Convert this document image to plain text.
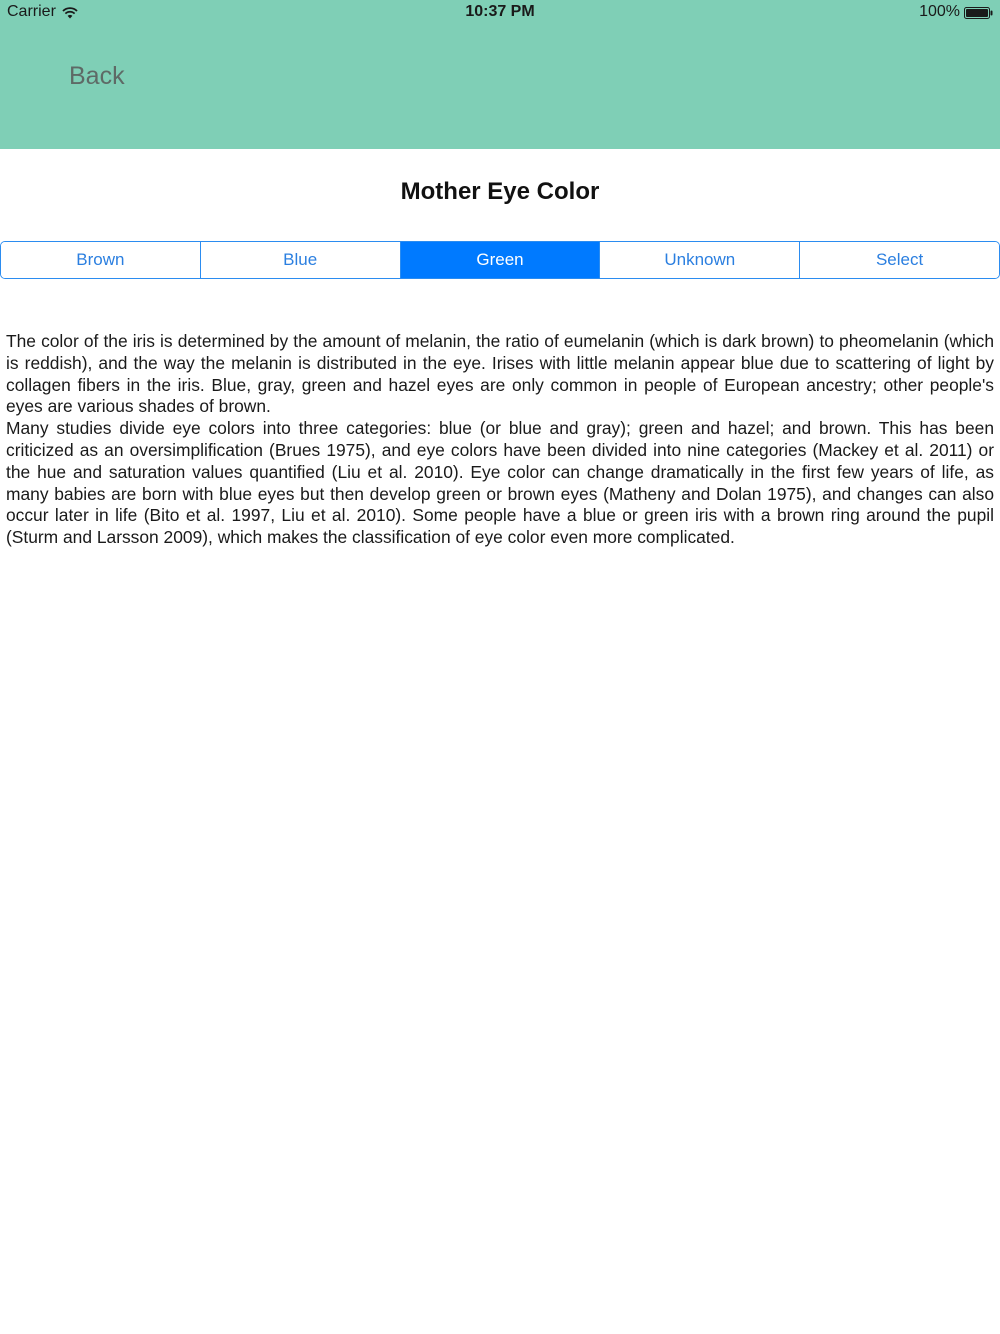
Carrier	10:37 PM	100%
Back
Mother Eye Color
Brown	Blue	Green	Unknown	Select

The color of the iris is determined by the amount of melanin, the ratio of eumelanin (which is dark brown) to pheomelanin (which is reddish), and the way the melanin is distributed in the eye. Irises with little melanin appear blue due to scattering of light by collagen fibers in the iris. Blue, gray, green and hazel eyes are only common in people of European ancestry; other people's eyes are various shades of brown.

Many studies divide eye colors into three categories: blue (or blue and gray); green and hazel; and brown. This has been criticized as an oversimplification (Brues 1975), and eye colors have been divided into nine categories (Mackey et al. 2011) or the hue and saturation values quantified (Liu et al. 2010). Eye color can change dramatically in the first few years of life, as many babies are born with blue eyes but then develop green or brown eyes (Matheny and Dolan 1975), and changes can also occur later in life (Bito et al. 1997, Liu et al. 2010). Some people have a blue or green iris with a brown ring around the pupil (Sturm and Larsson 2009), which makes the classification of eye color even more complicated.
